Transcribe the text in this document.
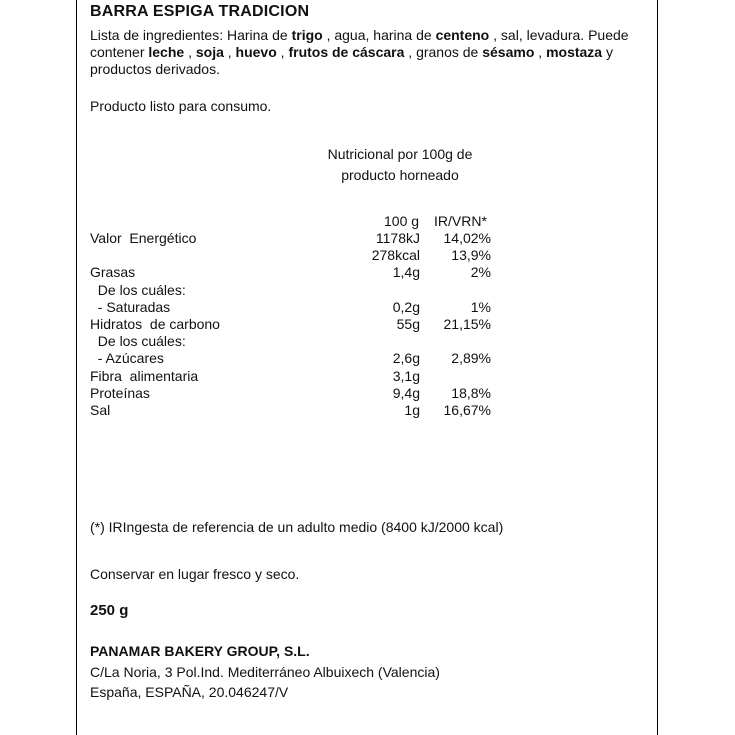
BARRA ESPIGA TRADICION
Lista de ingredientes: Harina de trigo , agua, harina de centeno , sal, levadura. Puede contener leche , soja , huevo , frutos de cáscara , granos de sésamo , mostaza y productos derivados.
Producto listo para consumo.
Nutricional por 100g de
producto horneado
100 g IR/VRN*
Valor  Energético	1178kJ 14,02%
278kcal 13,9%
Grasas	1,4g	2%
De los cuáles:
- Saturadas	0,2g	1%
Hidratos  de carbono	55g 21,15%
De los cuáles:
- Azúcares	2,6g 2,89%
Fibra  alimentaria	3,1g
Proteínas	9,4g 18,8%
Sal	1g 16,67%
(*) IRIngesta de referencia de un adulto medio (8400 kJ/2000 kcal)
Conservar en lugar fresco y seco.
250 g
PANAMAR BAKERY GROUP, S.L.
C/La Noria, 3 Pol.Ind. Mediterráneo Albuixech (Valencia)
España, ESPAÑA, 20.046247/V
